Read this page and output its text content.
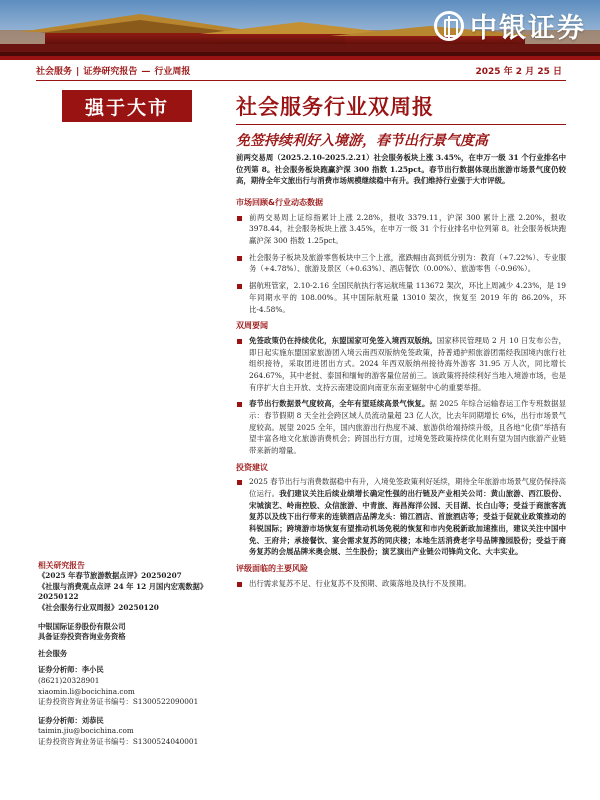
中银证券
社会服务 | 证券研究报告 — 行业周报	2025 年 2 月 25 日
强于大市	社会服务行业双周报
免签持续利好入境游，春节出行景气度高

前两交易周（2025.2.10-2025.2.21）社会服务板块上涨 3.45%，在申万一级 31 个行业排名中位列第 8。社会服务板块跑赢沪深 300 指数 1.25pct。春节出行数据体现出旅游市场景气度仍较高，期待全年文旅出行与消费市场规模继续稳中有升。我们维持行业强于大市评级。

市场回顾&行业动态数据
前两交易周上证综指累计上涨 2.28%，报收 3379.11，沪深 300 累计上涨 2.20%，报收 3978.44，社会服务板块上涨 3.45%，在申万一级 31 个行业排名中位列第 8。社会服务板块跑赢沪深 300 指数 1.25pct。
社会服务子板块及旅游零售板块中三个上涨，涨跌幅由高到低分别为：教育（+7.22%）、专业服务（+4.78%）、旅游及景区（+0.63%）、酒店餐饮（0.00%）、旅游零售（-0.96%）。
据航班管家，2.10-2.16 全国民航执行客运航班量 113672 架次，环比上周减少 4.23%，是 19 年同期水平的 108.00%。其中国际航班量 13010 架次，恢复至 2019 年的 86.20%，环比-4.58%。
双周要闻
免签政策仍在持续优化，东盟国家可免签入境西双版纳。国家移民管理局 2 月 10 日发布公告，即日起实施东盟国家旅游团入境云南西双版纳免签政策，持普通护照旅游团需经我国境内旅行社组织接待，采取团进团出方式。2024 年西双版纳州接待海外游客 31.95 万人次，同比增长 264.67%，其中老挝、泰国和缅甸的游客量位居前三。该政策将持续利好当地入境游市场，也是有序扩大自主开放、支持云南建设面向南亚东南亚辐射中心的重要举措。
春节出行数据景气度较高，全年有望延续高景气恢复。据 2025 年综合运输春运工作专班数据显示：春节假期 8 天全社会跨区域人员流动量超 23 亿人次，比去年同期增长 6%，出行市场景气度较高。展望 2025 全年，国内旅游出行热度不减、旅游供给端持续升级，且各地“化债”举措有望丰富各地文化旅游消费机会；跨国出行方面，过境免签政策持续优化则有望为国内旅游产业链带来新的增量。
投资建议
2025 春节出行与消费数据稳中有升，入境免签政策利好延续，期待全年旅游市场景气度仍保持高位运行。我们建议关注后续业绩增长确定性强的出行链及产业相关公司：黄山旅游、西江股份、宋城演艺、岭南控股、众信旅游、中青旅、海昌海洋公园、天目湖、长白山等；受益于商旅客流复苏以及线下出行带来的连锁酒店品牌龙头：锦江酒店、首旅酒店等；受益于促就业政策推动的科锐国际；跨境游市场恢复有望推动机场免税的恢复和市内免税新政加速推出，建议关注中国中免、王府井；承接餐饮、宴会需求复苏的同庆楼；本地生活消费老字号品牌豫园股份；受益于商务复苏的会展品牌米奥会展、兰生股份；演艺演出产业链公司锋尚文化、大丰实业。
评级面临的主要风险
出行需求复苏不足、行业复苏不及预期、政策落地及执行不及预期。
相关研究报告
《2025 年春节旅游数据点评》20250207
《社服与消费观点点评 24 年 12 月国内宏观数据》20250122
《社会服务行业双周报》20250120
中银国际证券股份有限公司
具备证券投资咨询业务资格
社会服务
证券分析师：李小民
(8621)20328901
xiaomin.li@bocichina.com
证券投资咨询业务证书编号：S1300522090001
证券分析师：刘恭民
taimin.jiu@bocichina.com
证券投资咨询业务证书编号：S1300524040001
